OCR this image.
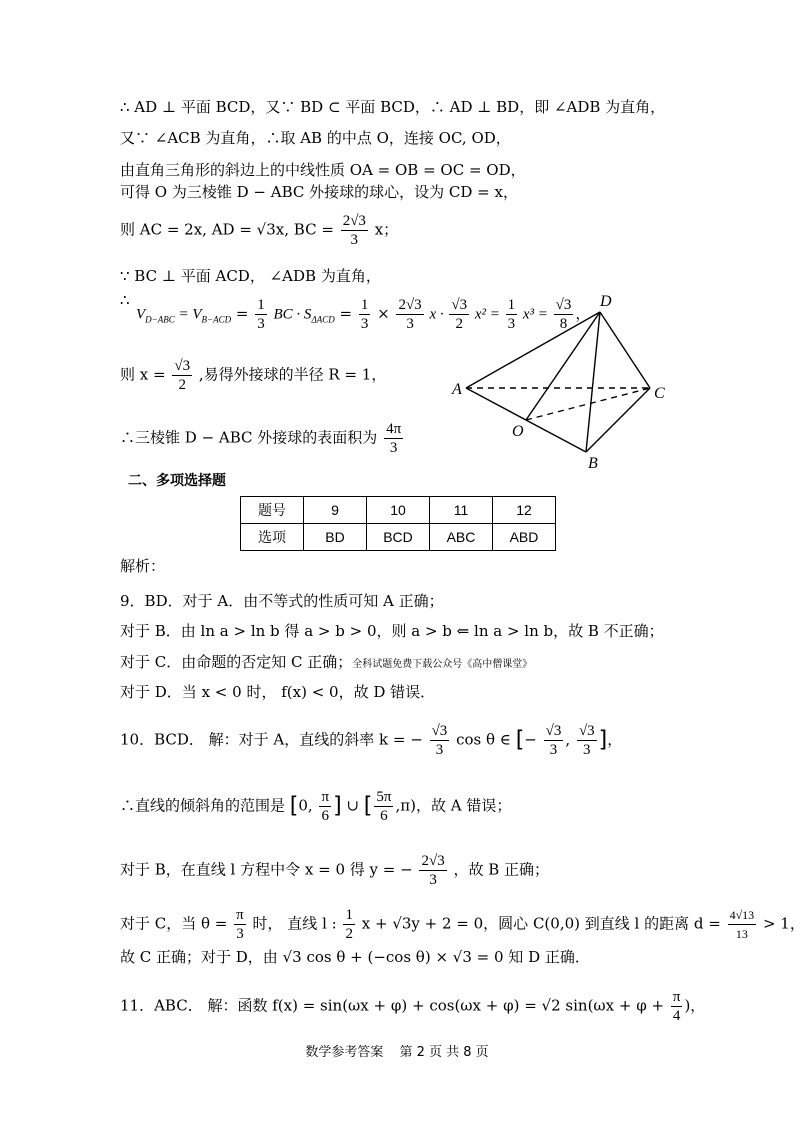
∴ AD ⊥ 平面 BCD，又∵ BD ⊂ 平面 BCD，∴ AD ⊥ BD，即 ∠ADB 为直角，
又∵ ∠ACB 为直角，∴取 AB 的中点 O，连接 OC, OD，
由直角三角形的斜边上的中线性质 OA = OB = OC = OD，
可得 O 为三棱锥 D − ABC 外接球的球心，设为 CD = x，
则 AC = 2x, AD = √3x, BC = $\frac{2√3}{3}$ x；
∵ BC ⊥ 平面 ACD， ∠ADB 为直角，
∴
$V_{D-ABC} = V_{B-ACD} = \frac{1}{3}$ BC · $S_{\Delta ACD} = \frac{1}{3} \times \frac{2√3}{3}$ $x \cdot \frac{√3}{2} x^2 = \frac{1}{3} x^3 = \frac{√3}{8}$ ，
则 $x = \frac{√3}{2}$ ,易得外接球的半径 R = 1，
∴三棱锥 D − ABC 外接球的表面积为 $\frac{4\pi}{3}$
D
A	C
O
B
二、多项选择题
题号	9	10	11	12
选项	BD	BCD	ABC	ABD
解析：
9．BD．对于 A．由不等式的性质可知 A 正确；
对于 B．由 ln a > ln b 得 a > b > 0，则 a > b ⇐ ln a > ln b，故 B 不正确；
对于 C．由命题的否定知 C 正确；全科试题免费下载公众号《高中僧课堂》
对于 D．当 x < 0 时， f(x) < 0，故 D 错误．
10．BCD． 解：对于 A，直线的斜率 k = − $\frac{√3}{3}$ cos θ ∈ [− $\frac{√3}{3}$ , $\frac{√3}{3}$ ]，
∴直线的倾斜角的范围是 [0, $\frac{\pi}{6}$ ] ∪ [ $\frac{5\pi}{6} ,\pi$)，故 A 错误；
对于 B，在直线 l 方程中令 x = 0 得 y = − $\frac{2√3}{3}$ ，故 B 正确；
对于 C，当 $\theta = \frac{\pi}{3}$ 时， 直线 l : $\frac{1}{2}$ x + √3y + 2 = 0，圆心 C(0,0) 到直线 l 的距离 $d = \frac{4√13}{13} > 1$，
故 C 正确；对于 D，由 √3 cos θ + (−cos θ) × √3 = 0 知 D 正确．
11．ABC． 解：函数 f(x) = sin(ωx + φ) + cos(ωx + φ) = √2 $\sin(\omega x + \varphi + \frac{\pi}{4}$ )，
数学参考答案 第 2 页 共 8 页
